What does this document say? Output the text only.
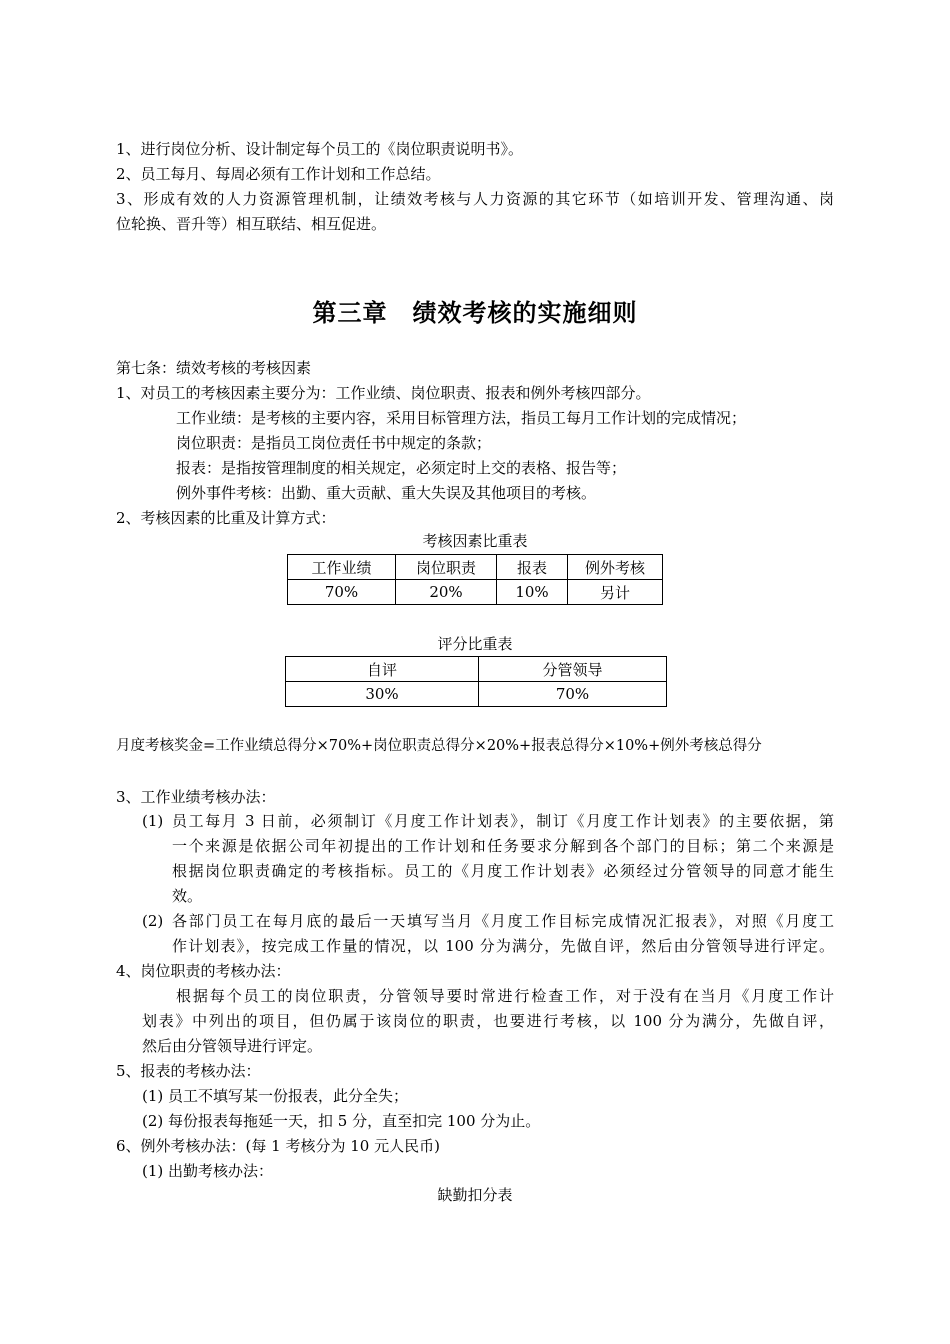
1、进行岗位分析、设计制定每个员工的《岗位职责说明书》。
2、员工每月、每周必须有工作计划和工作总结。
3、形成有效的人力资源管理机制，让绩效考核与人力资源的其它环节（如培训开发、管理沟通、岗
位轮换、晋升等）相互联结、相互促进。
第三章　绩效考核的实施细则
第七条：绩效考核的考核因素
1、对员工的考核因素主要分为：工作业绩、岗位职责、报表和例外考核四部分。
工作业绩：是考核的主要内容，采用目标管理方法，指员工每月工作计划的完成情况；
岗位职责：是指员工岗位责任书中规定的条款；
报表：是指按管理制度的相关规定，必须定时上交的表格、报告等；
例外事件考核：出勤、重大贡献、重大失误及其他项目的考核。
2、考核因素的比重及计算方式：
考核因素比重表
工作业绩	岗位职责	报表	例外考核
70%	20%	10%	另计
评分比重表
自评	分管领导
30%	70%
月度考核奖金=工作业绩总得分×70%+岗位职责总得分×20%+报表总得分×10%+例外考核总得分
3、工作业绩考核办法：
(1) 员工每月 3 日前，必须制订《月度工作计划表》，制订《月度工作计划表》的主要依据，第
一个来源是依据公司年初提出的工作计划和任务要求分解到各个部门的目标；第二个来源是
根据岗位职责确定的考核指标。员工的《月度工作计划表》必须经过分管领导的同意才能生
效。
(2) 各部门员工在每月底的最后一天填写当月《月度工作目标完成情况汇报表》，对照《月度工
作计划表》，按完成工作量的情况，以 100 分为满分，先做自评，然后由分管领导进行评定。
4、岗位职责的考核办法：
根据每个员工的岗位职责，分管领导要时常进行检查工作，对于没有在当月《月度工作计
划表》中列出的项目，但仍属于该岗位的职责，也要进行考核，以 100 分为满分，先做自评，
然后由分管领导进行评定。
5、报表的考核办法：
(1) 员工不填写某一份报表，此分全失；
(2) 每份报表每拖延一天，扣 5 分，直至扣完 100 分为止。
6、例外考核办法：(每 1 考核分为 10 元人民币)
(1) 出勤考核办法：
缺勤扣分表
